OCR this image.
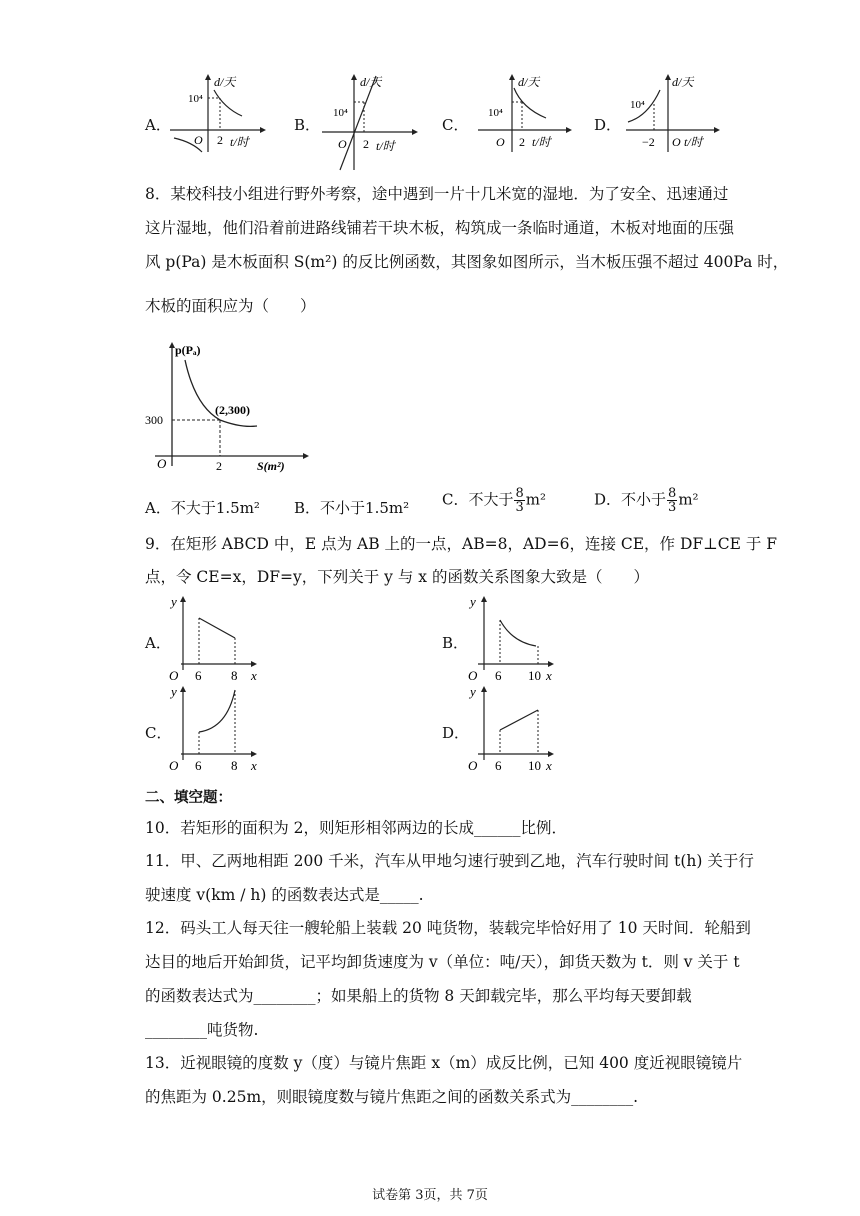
A．
d/天
10⁴
O 2 t/时
B．
d/天
10⁴
O 2 t/时
C．
d/天
10⁴
O 2 t/时
D．
d/天
10⁴
−2 O t/时
8．某校科技小组进行野外考察，途中遇到一片十几米宽的湿地．为了安全、迅速通过
这片湿地，他们沿着前进路线铺若干块木板，构筑成一条临时通道，木板对地面的压强
风 p(Pa) 是木板面积 S(m²) 的反比例函数，其图象如图所示，当木板压强不超过 400Pa 时，
木板的面积应为（　　）
p(Pₐ)
300
(2,300)
O	2	S(m²)
A．不大于1.5m² B．不小于1.5m² C．不大于 $\frac{8}{3} m^2$	D．不小于 $\frac{8}{3} m^2$
9．在矩形 ABCD 中，E 点为 AB 上的一点，AB=8，AD=6，连接 CE，作 DF⊥CE 于 F
点，令 CE=x，DF=y，下列关于 y 与 x 的函数关系图象大致是（　　）
A．
y
O 6 8 x
B．
y
O 6 10 x
C．
y
O 6 8 x
D．
y
O 6 10 x
二、填空题：
10．若矩形的面积为 2，则矩形相邻两边的长成______比例．
11．甲、乙两地相距 200 千米，汽车从甲地匀速行驶到乙地，汽车行驶时间 t(h) 关于行
驶速度 v(km / h) 的函数表达式是_____.
12．码头工人每天往一艘轮船上装载 20 吨货物，装载完毕恰好用了 10 天时间．轮船到
达目的地后开始卸货，记平均卸货速度为 v（单位：吨/天），卸货天数为 t．则 v 关于 t
的函数表达式为________；如果船上的货物 8 天卸载完毕，那么平均每天要卸载
________吨货物.
13．近视眼镜的度数 y（度）与镜片焦距 x（m）成反比例，已知 400 度近视眼镜镜片
的焦距为 0.25m，则眼镜度数与镜片焦距之间的函数关系式为________.
试卷第 3页，共 7页
